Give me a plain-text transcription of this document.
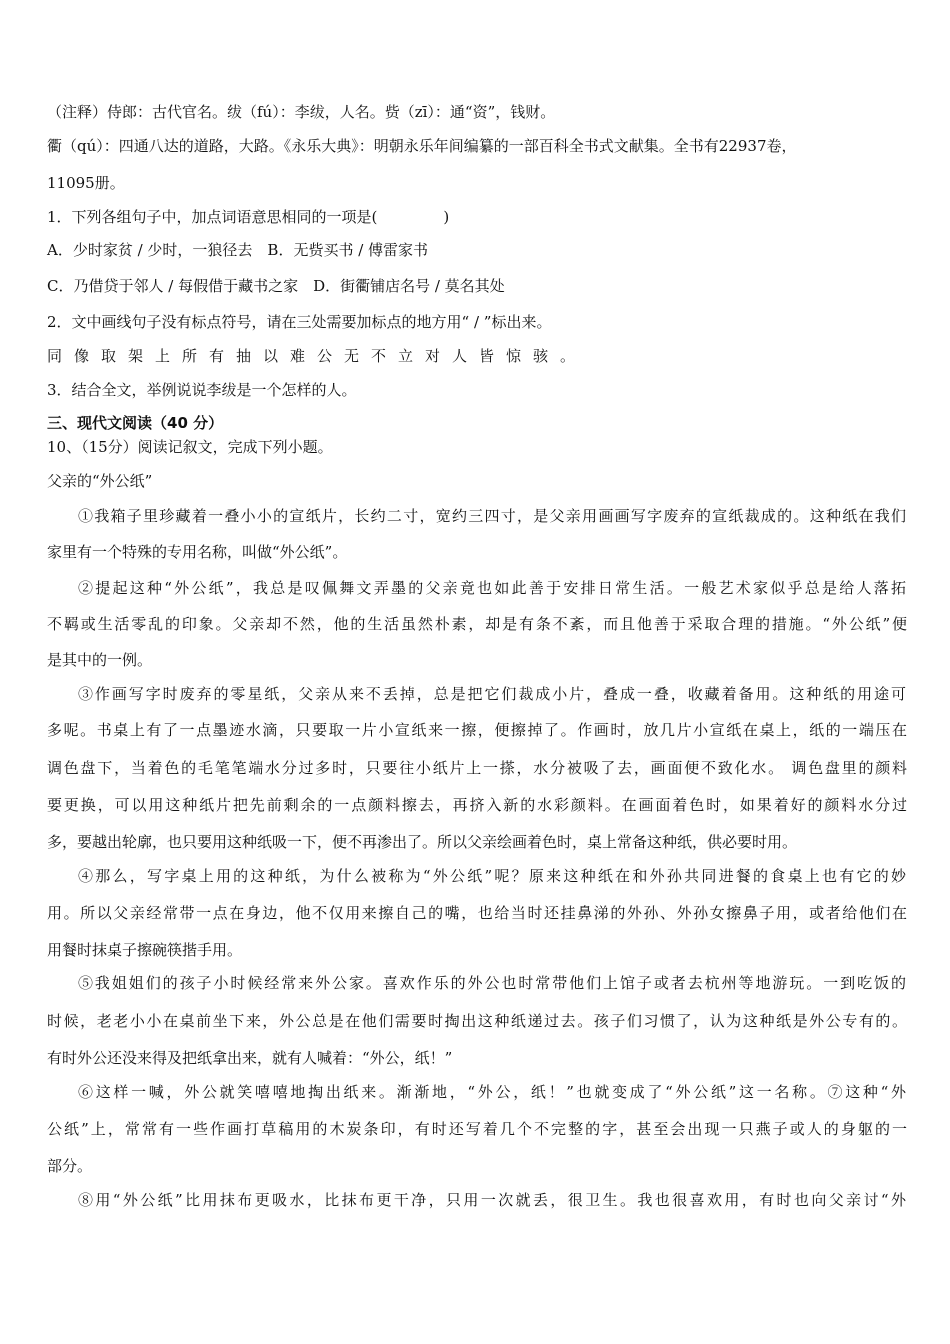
（注释）侍郎：古代官名。绂（fú）：李绂，人名。赀（zī）：通“资”，钱财。
衢（qú）：四通八达的道路，大路。《永乐大典》：明朝永乐年间编纂的一部百科全书式文献集。全书有22937卷，
11095册。
1．下列各组句子中，加点词语意思相同的一项是(	)
A．少时家贫 / 少时，一狼径去　B．无赀买书 / 傅雷家书
C．乃借贷于邻人 / 每假借于藏书之家　D．街衢铺店名号 / 莫名其处
2．文中画线句子没有标点符号，请在三处需要加标点的地方用“ / ”标出来。
同像取架上所有抽以难公无不立对人皆惊骇。
3．结合全文，举例说说李绂是一个怎样的人。
三、现代文阅读（40 分）
10、（15分）阅读记叙文，完成下列小题。
父亲的“外公纸”
①我箱子里珍藏着一叠小小的宣纸片，长约二寸，宽约三四寸，是父亲用画画写字废弃的宣纸裁成的。这种纸在我们
家里有一个特殊的专用名称，叫做“外公纸”。
②提起这种“外公纸”，我总是叹佩舞文弄墨的父亲竟也如此善于安排日常生活。一般艺术家似乎总是给人落拓
不羁或生活零乱的印象。父亲却不然，他的生活虽然朴素，却是有条不紊，而且他善于采取合理的措施。“外公纸”便
是其中的一例。
③作画写字时废弃的零星纸，父亲从来不丢掉，总是把它们裁成小片，叠成一叠，收藏着备用。这种纸的用途可
多呢。书桌上有了一点墨迹水滴，只要取一片小宣纸来一擦，便擦掉了。作画时，放几片小宣纸在桌上，纸的一端压在
调色盘下，当着色的毛笔笔端水分过多时，只要往小纸片上一搽，水分被吸了去，画面便不致化水。 调色盘里的颜料
要更换，可以用这种纸片把先前剩余的一点颜料擦去，再挤入新的水彩颜料。在画面着色时，如果着好的颜料水分过
多，要越出轮廓，也只要用这种纸吸一下，便不再渗出了。所以父亲绘画着色时，桌上常备这种纸，供必要时用。
④那么，写字桌上用的这种纸，为什么被称为“外公纸”呢？原来这种纸在和外孙共同进餐的食桌上也有它的妙
用。所以父亲经常带一点在身边，他不仅用来擦自己的嘴，也给当时还挂鼻涕的外孙、外孙女擦鼻子用，或者给他们在
用餐时抹桌子擦碗筷揩手用。
⑤我姐姐们的孩子小时候经常来外公家。喜欢作乐的外公也时常带他们上馆子或者去杭州等地游玩。一到吃饭的
时候，老老小小在桌前坐下来，外公总是在他们需要时掏出这种纸递过去。孩子们习惯了，认为这种纸是外公专有的。
有时外公还没来得及把纸拿出来，就有人喊着：“外公，纸！”
⑥这样一喊，外公就笑嘻嘻地掏出纸来。渐渐地，“外公，纸！”也就变成了“外公纸”这一名称。⑦这种“外
公纸”上，常常有一些作画打草稿用的木炭条印，有时还写着几个不完整的字，甚至会出现一只燕子或人的身躯的一
部分。
⑧用“外公纸”比用抹布更吸水，比抹布更干净，只用一次就丢，很卫生。我也很喜欢用，有时也向父亲讨“外
